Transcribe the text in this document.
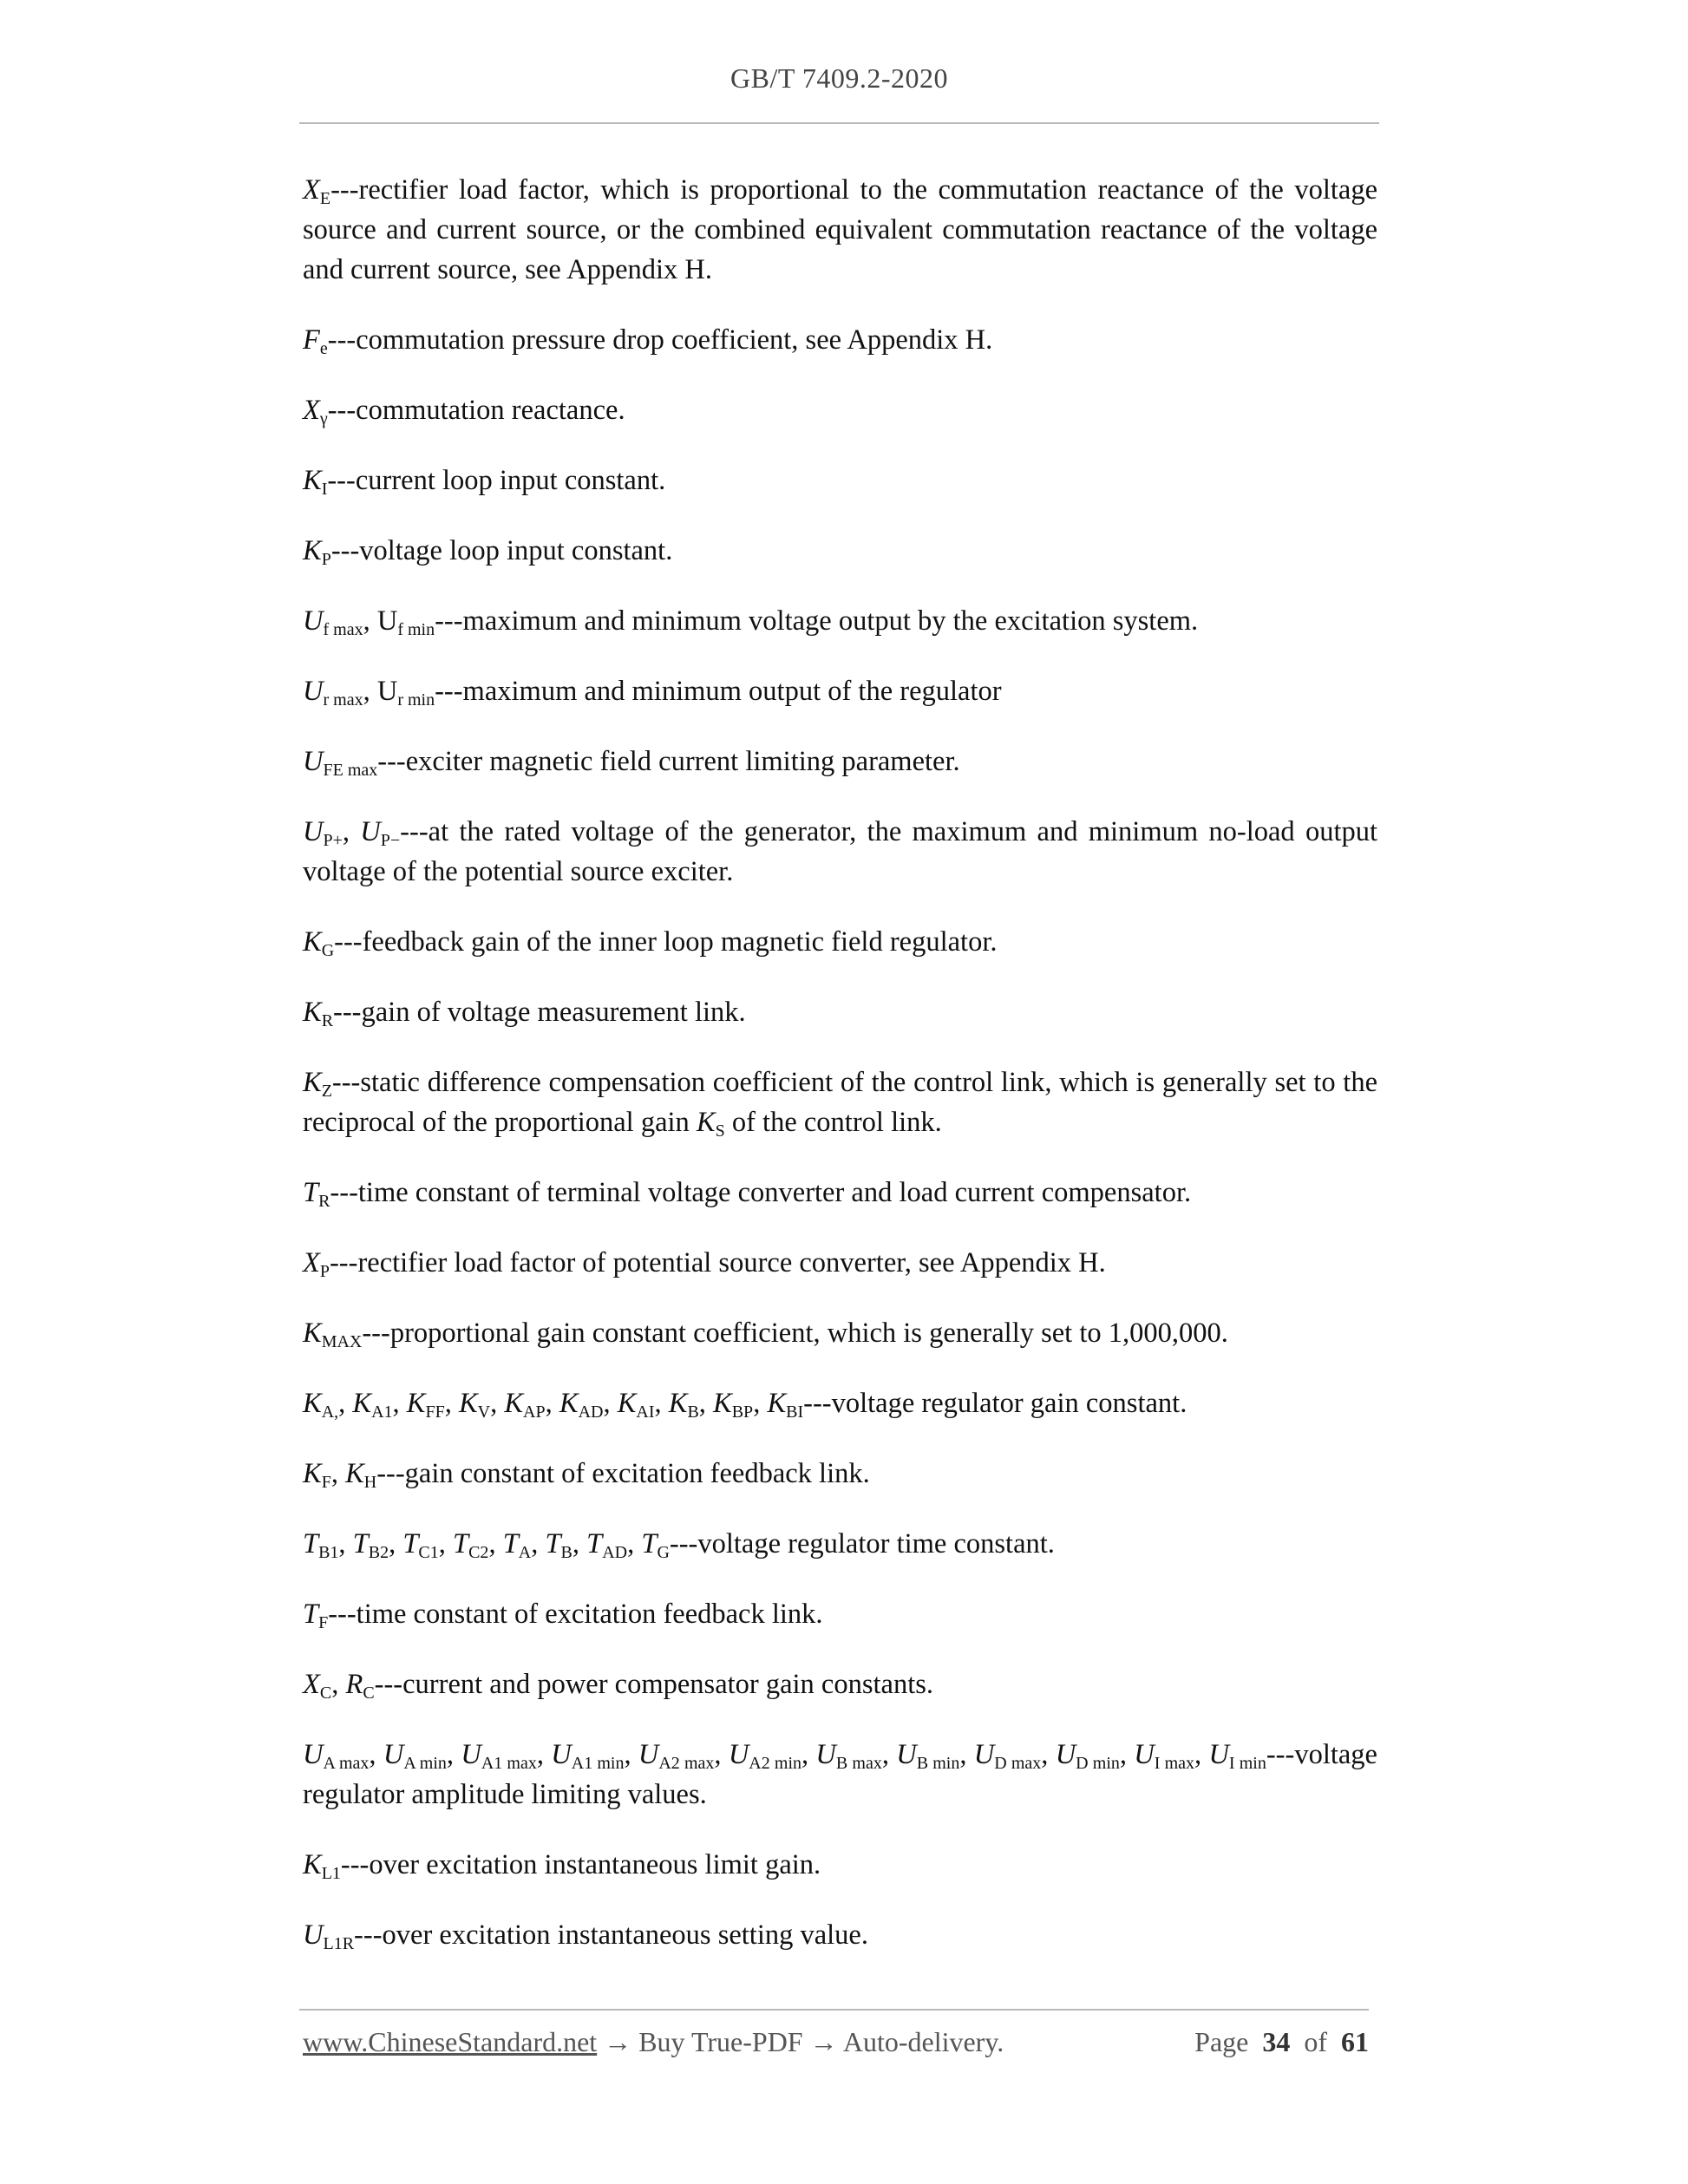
GB/T 7409.2-2020

$X_E--$-rectifier load factor, which is proportional to the commutation reactance of the voltage source and current source, or the combined equivalent commutation reactance of the voltage and current source, see Appendix H.

$F_e--$-commutation pressure drop coefficient, see Appendix H.

$X_\gamma--$-commutation reactance.

$K_I--$-current loop input constant.

$K_P--$-voltage loop input constant.

$U_{f max}$, $U_{f min}--$-maximum and minimum voltage output by the excitation system.

$U_{r max}$, $U_{r min}--$-maximum and minimum output of the regulator

$U_{FE max}--$-exciter magnetic field current limiting parameter.

$U_{P+}$, $U_{P-}---at$ the rated voltage of the generator, the maximum and minimum no-load output voltage of the potential source exciter.

$K_G--$-feedback gain of the inner loop magnetic field regulator.

$K_R--$-gain of voltage measurement link.

$K_Z--$-static difference compensation coefficient of the control link, which is generally set to the reciprocal of the proportional gain $K_S$ of the control link.

$T_R--$-time constant of terminal voltage converter and load current compensator.

$X_P--$-rectifier load factor of potential source converter, see Appendix H.

$K_{MAX}--$-proportional gain constant coefficient, which is generally set to 1,000,000.

$K_{A,}$, $K_{A1}$, $K_{FF}$, $K_V$, $K_{AP}$, $K_{AD}$, $K_{AI}$, $K_B$, $K_{BP}$, $K_{BI}--$-voltage regulator gain constant.

$K_F$, $K_H--$-gain constant of excitation feedback link.

$T_{B1}$, $T_{B2}$, $T_{C1}$, $T_{C2}$, $T_A$, $T_B$, $T_{AD}$, $T_G--$-voltage regulator time constant.

$T_F--$-time constant of excitation feedback link.

$X_C$, $R_C--$-current and power compensator gain constants.

$U_{A max}$, $U_{A min}$, $U_{A1 max}$, $U_{A1 min}$, $U_{A2 max}$, $U_{A2 min}$, $U_{B max}$, $U_{B min}$, $U_{D max}$, $U_{D min}$, $U_{I max}$, $U_{I min}--$-voltage regulator amplitude limiting values.

$K_{L1}--$-over excitation instantaneous limit gain.

$U_{L1R}--$-over excitation instantaneous setting value.

www.ChineseStandard.net → Buy True-PDF → Auto-delivery.	Page 34 of 61
